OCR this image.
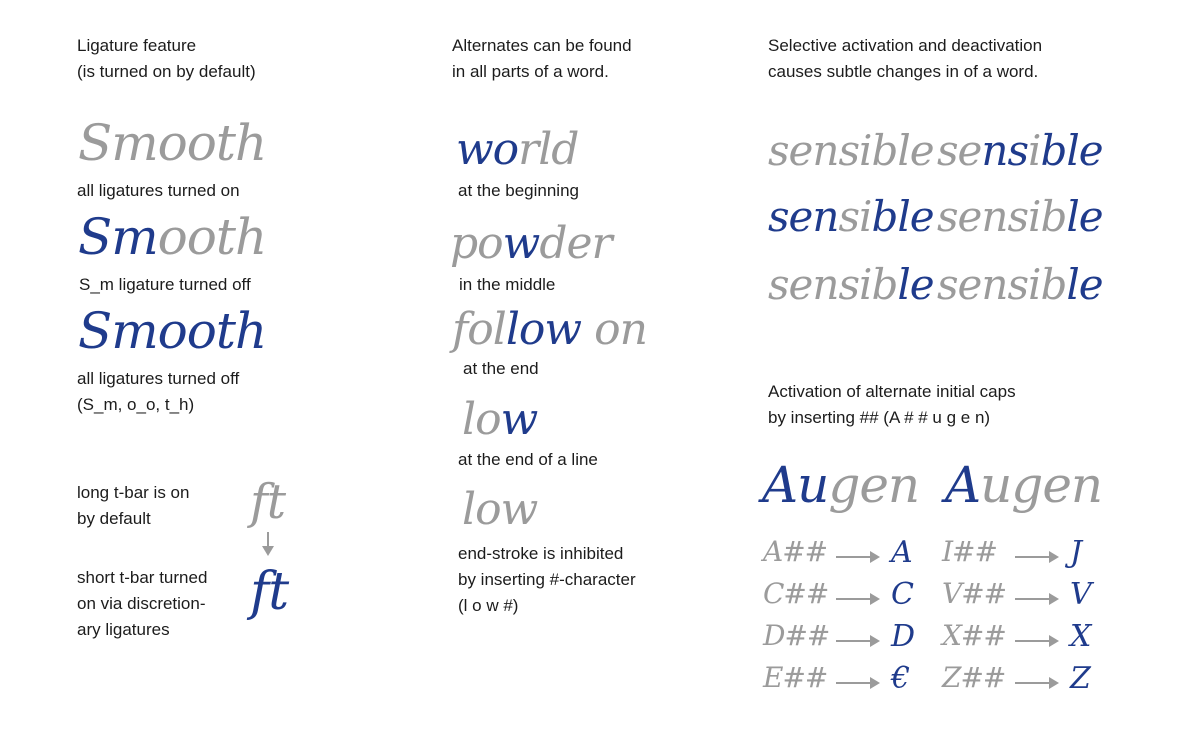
Ligature feature
(is turned on by default)
Smooth
all ligatures turned on
Smooth
S_m ligature turned off
Smooth
all ligatures turned off
(S_m, o_o, t_h)
long t-bar is on
by default ft
ft
short t-bar turned
on via discretion-
ary ligatures
Alternates can be found
in all parts of a word.
world
at the beginning
powder
in the middle
follow on
at the end
low
at the end of a line
low
end-stroke is inhibited
by inserting #-character
(l o w #)
Selective activation and deactivation
causes subtle changes in of a word.
sensible sensible
sensible sensible
sensible sensible
Activation of alternate initial caps
by inserting ## (A # # u g e n)
Augen Augen
A## A I## J
C## C V## V
D## D X## X
E## € Z## Z
